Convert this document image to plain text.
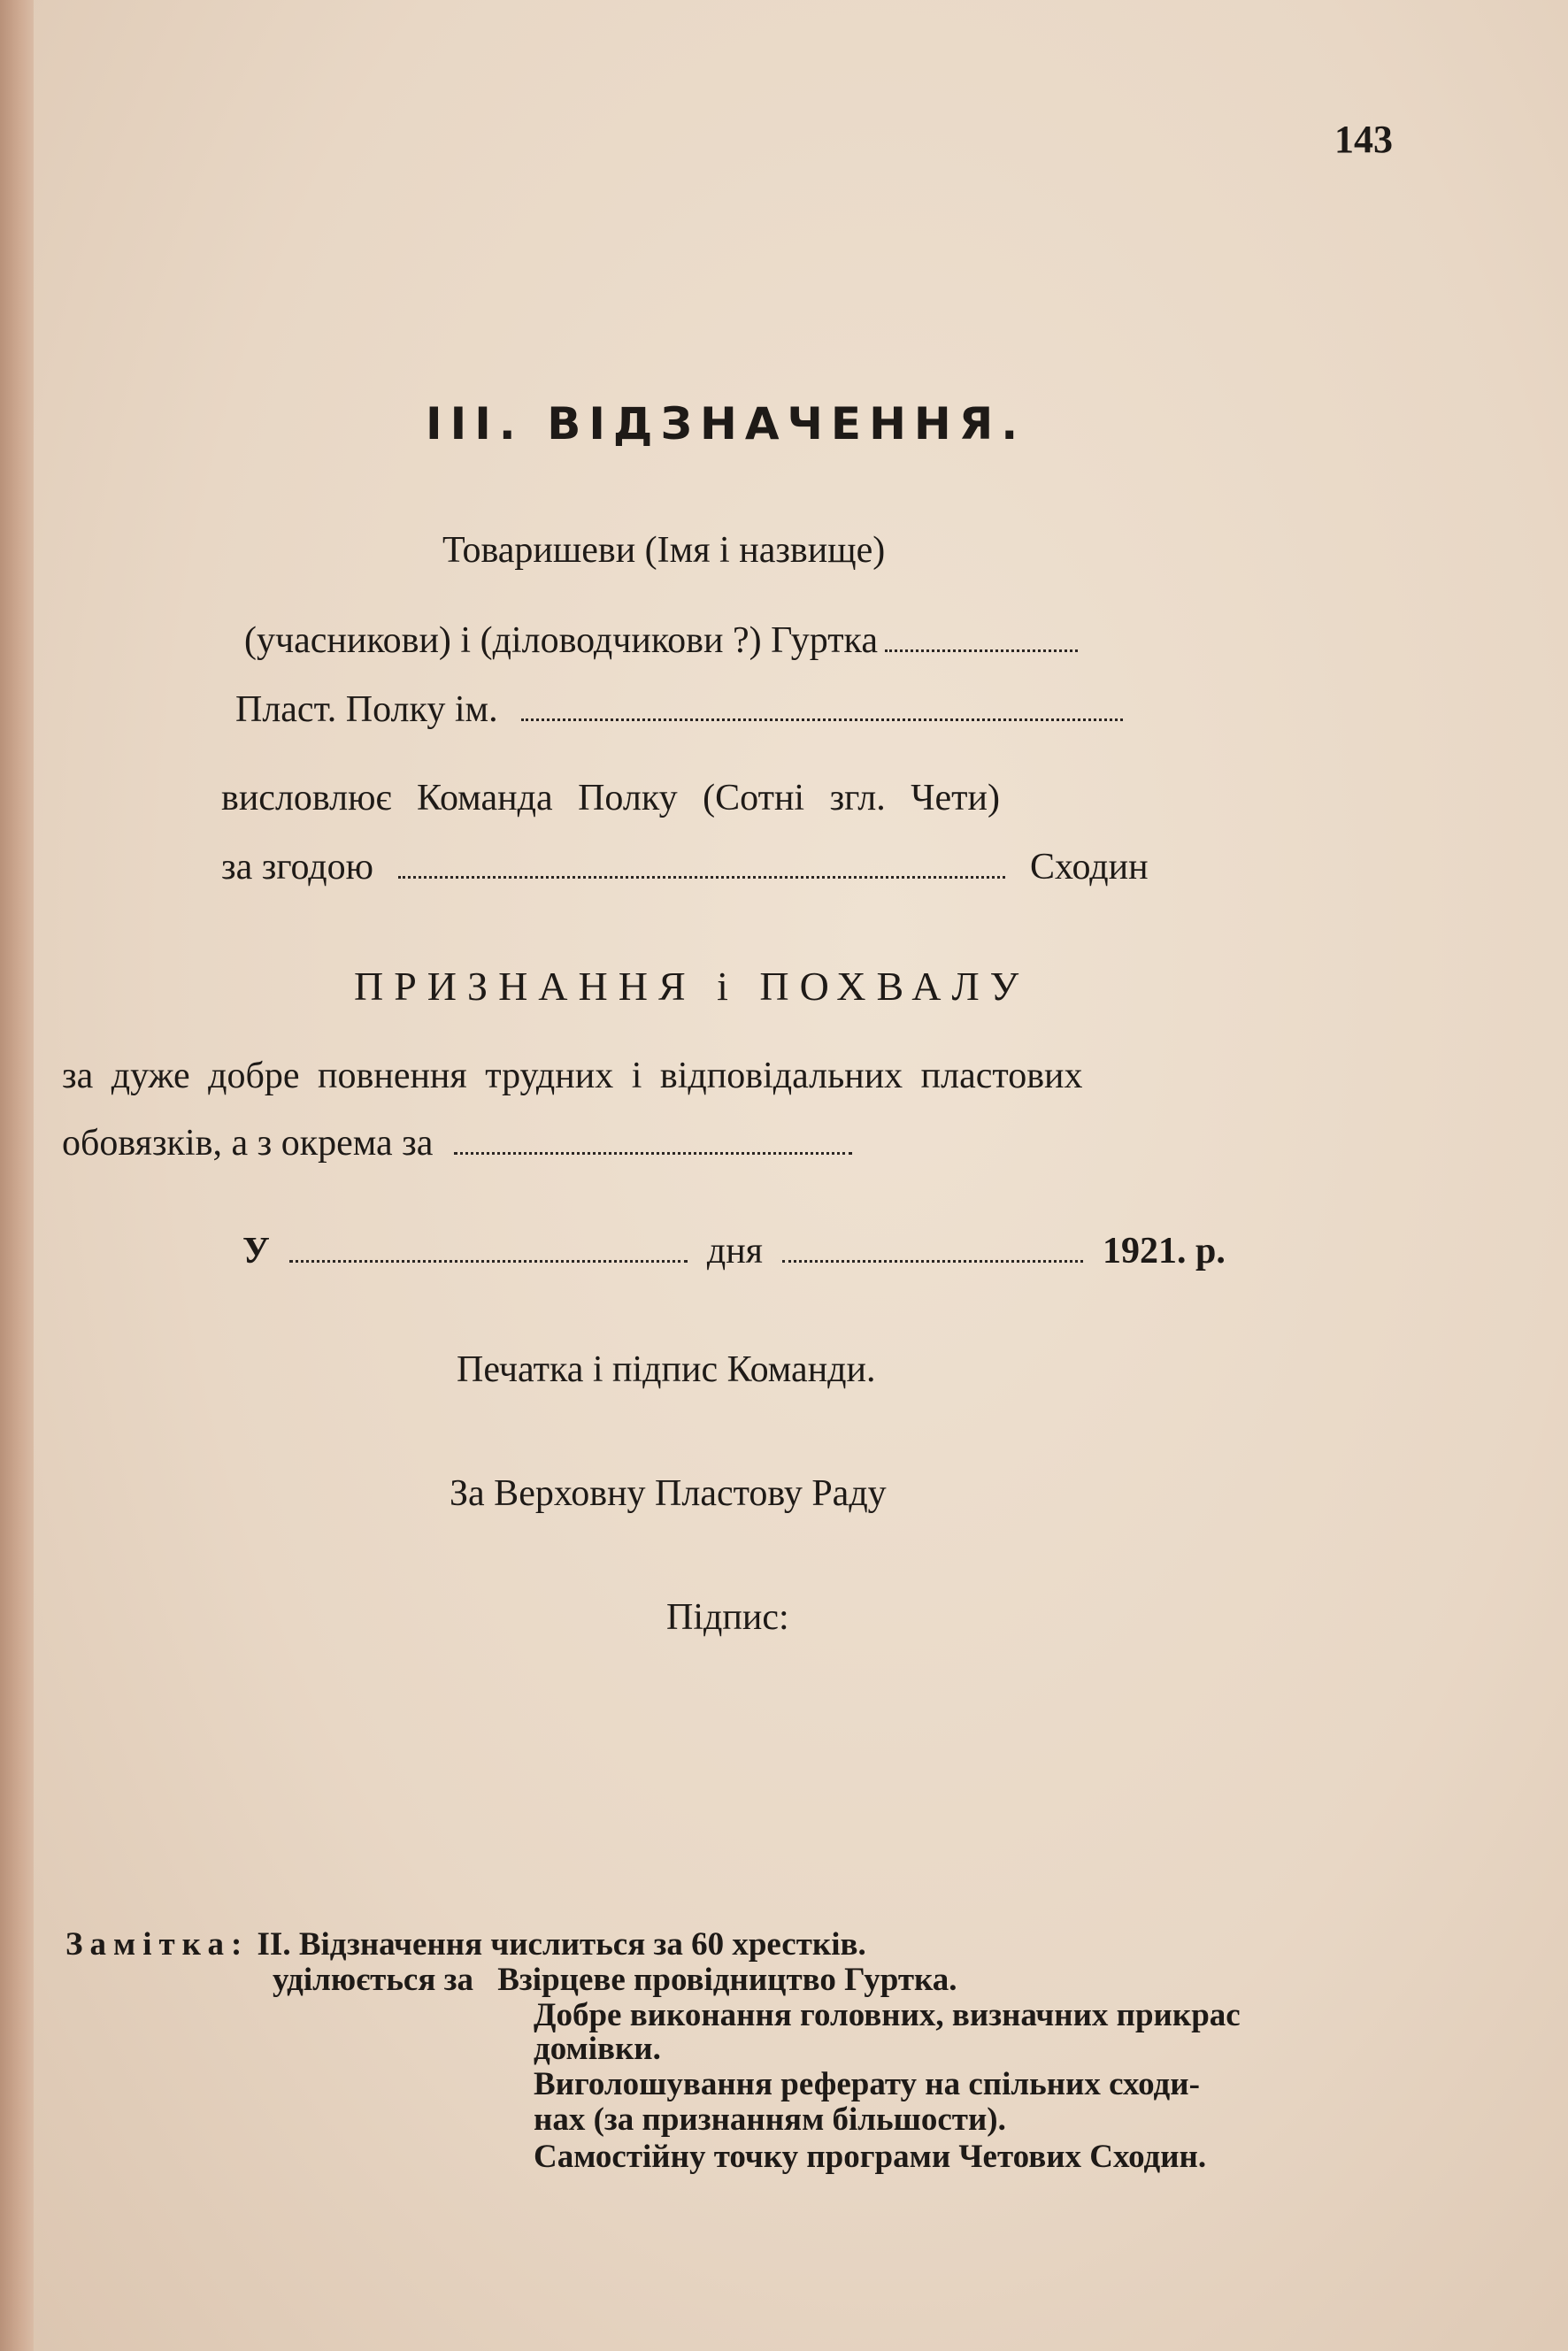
143
III. ВІДЗНАЧЕННЯ.
Товаришеви (Імя і назвище)
(учасникови) і (діловодчикови ?) Гуртка
Пласт. Полку ім.
висловлює Команда Полку (Сотні згл. Чети)
за згодою	Сходин
ПРИЗНАННЯ і ПОХВАЛУ
за дуже добре повнення трудних і відповідальних пластових
обовязків, а з окрема за
У	дня	1921. р.
Печатка і підпис Команди.
За Верховну Пластову Раду
Підпис:
Замітка: II. Відзначення числиться за 60 хрестків.
уділюється за Взірцеве провідництво Гуртка.
Добре виконання головних, визначних прикрас
домівки.
Виголошування реферату на спільних сходи-
нах (за признанням більшости).
Самостійну точку програми Четових Сходин.
